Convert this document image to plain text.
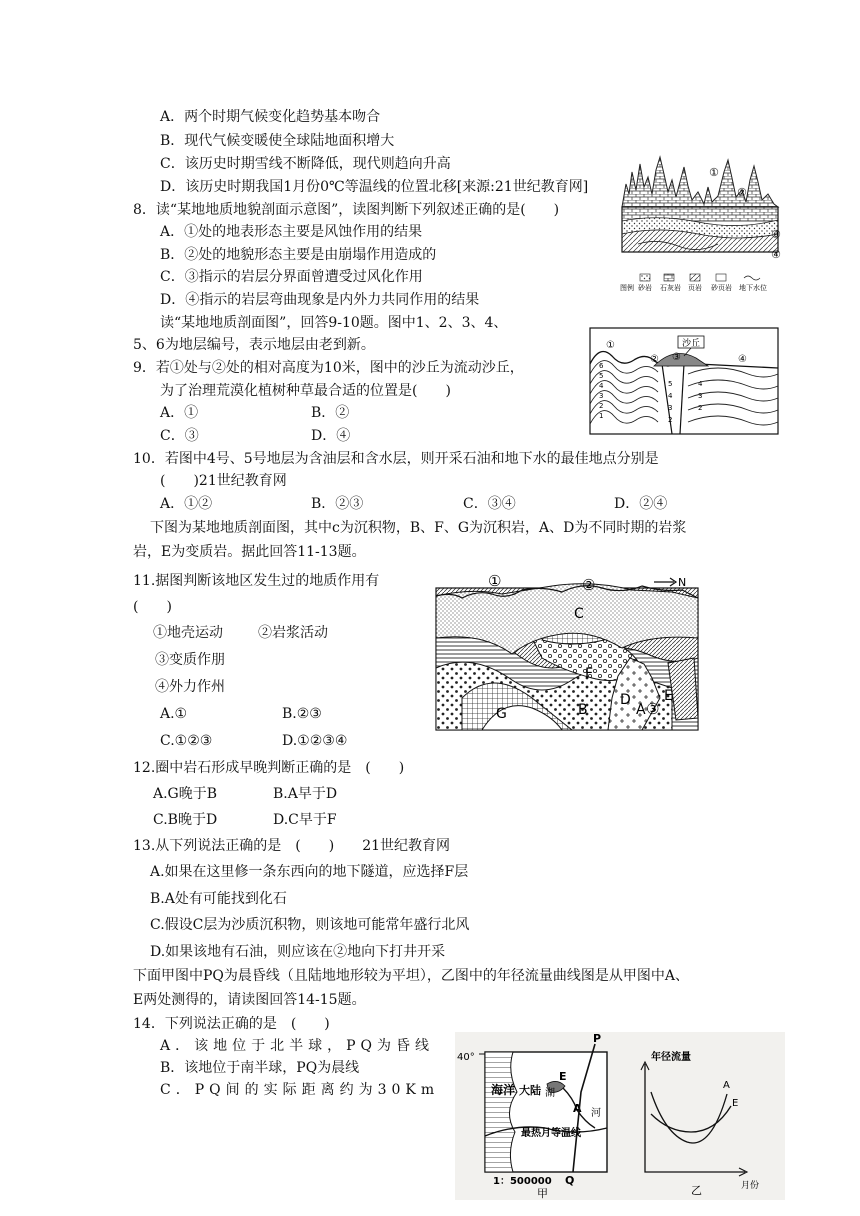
A．两个时期气候变化趋势基本吻合
B．现代气候变暖使全球陆地面积增大
C．该历史时期雪线不断降低，现代则趋向升高
D．该历史时期我国1月份0℃等温线的位置北移[来源:21世纪教育网]
8．读“某地地质地貌剖面示意图”，读图判断下列叙述正确的是(　　)
A．①处的地表形态主要是风蚀作用的结果
B．②处的地貌形态主要是由崩塌作用造成的
C．③指示的岩层分界面曾遭受过风化作用
D．④指示的岩层弯曲现象是内外力共同作用的结果
读“某地地质剖面图”，回答9-10题。图中1、2、3、4、
5、6为地层编号，表示地层由老到新。
9．若①处与②处的相对高度为10米，图中的沙丘为流动沙丘，
为了治理荒漠化植树种草最合适的位置是(　　)
A．①	B．②
C．③	D．④
10．若图中4号、5号地层为含油层和含水层，则开采石油和地下水的最佳地点分别是
(　　)21世纪教育网
A．①②	B．②③	C．③④	D．②④
下图为某地地质剖面图，其中c为沉积物，B、F、G为沉积岩，A、D为不同时期的岩浆
岩，E为变质岩。据此回答11-13题。
11.据图判断该地区发生过的地质作用有
(　　)
①地壳运动	②岩浆活动
③变质作朋
④外力作州
A.①	B.②③
C.①②③	D.①②③④
12.圈中岩石形成早晚判断正确的是　(　　)
A.G晚于B	B.A早于D
C.B晚于D	D.C早于F
13.从下列说法正确的是　(　　)　　21世纪教育网
A.如果在这里修一条东西向的地下隧道，应选择F层
B.A处有可能找到化石
C.假设C层为沙质沉积物，则该地可能常年盛行北风
D.如果该地有石油，则应该在②地向下打井开采
下面甲图中PQ为晨昏线（且陆地地形较为平坦），乙图中的年径流量曲线图是从甲图中A、
E两处测得的，请读图回答14-15题。
14．下列说法正确的是　(　　)
A．该地位于北半球，PQ为昏线
B．该地位于南半球，PQ为晨线
C．PQ间的实际距离约为30Km
①
②
③
④
图例 砂岩 石灰岩 页岩 砂页岩 地下水位
沙丘
①
② ③	④
6
5
4
3
2
1
5
4
3
2
4
3
2
①	②	N
C
F
G	B
D
A
E
③
40°
海洋 大陆 湖
河
E
A
P
Q
最热月等温线
1：500000
甲
年径流量
A
E
月份
乙
